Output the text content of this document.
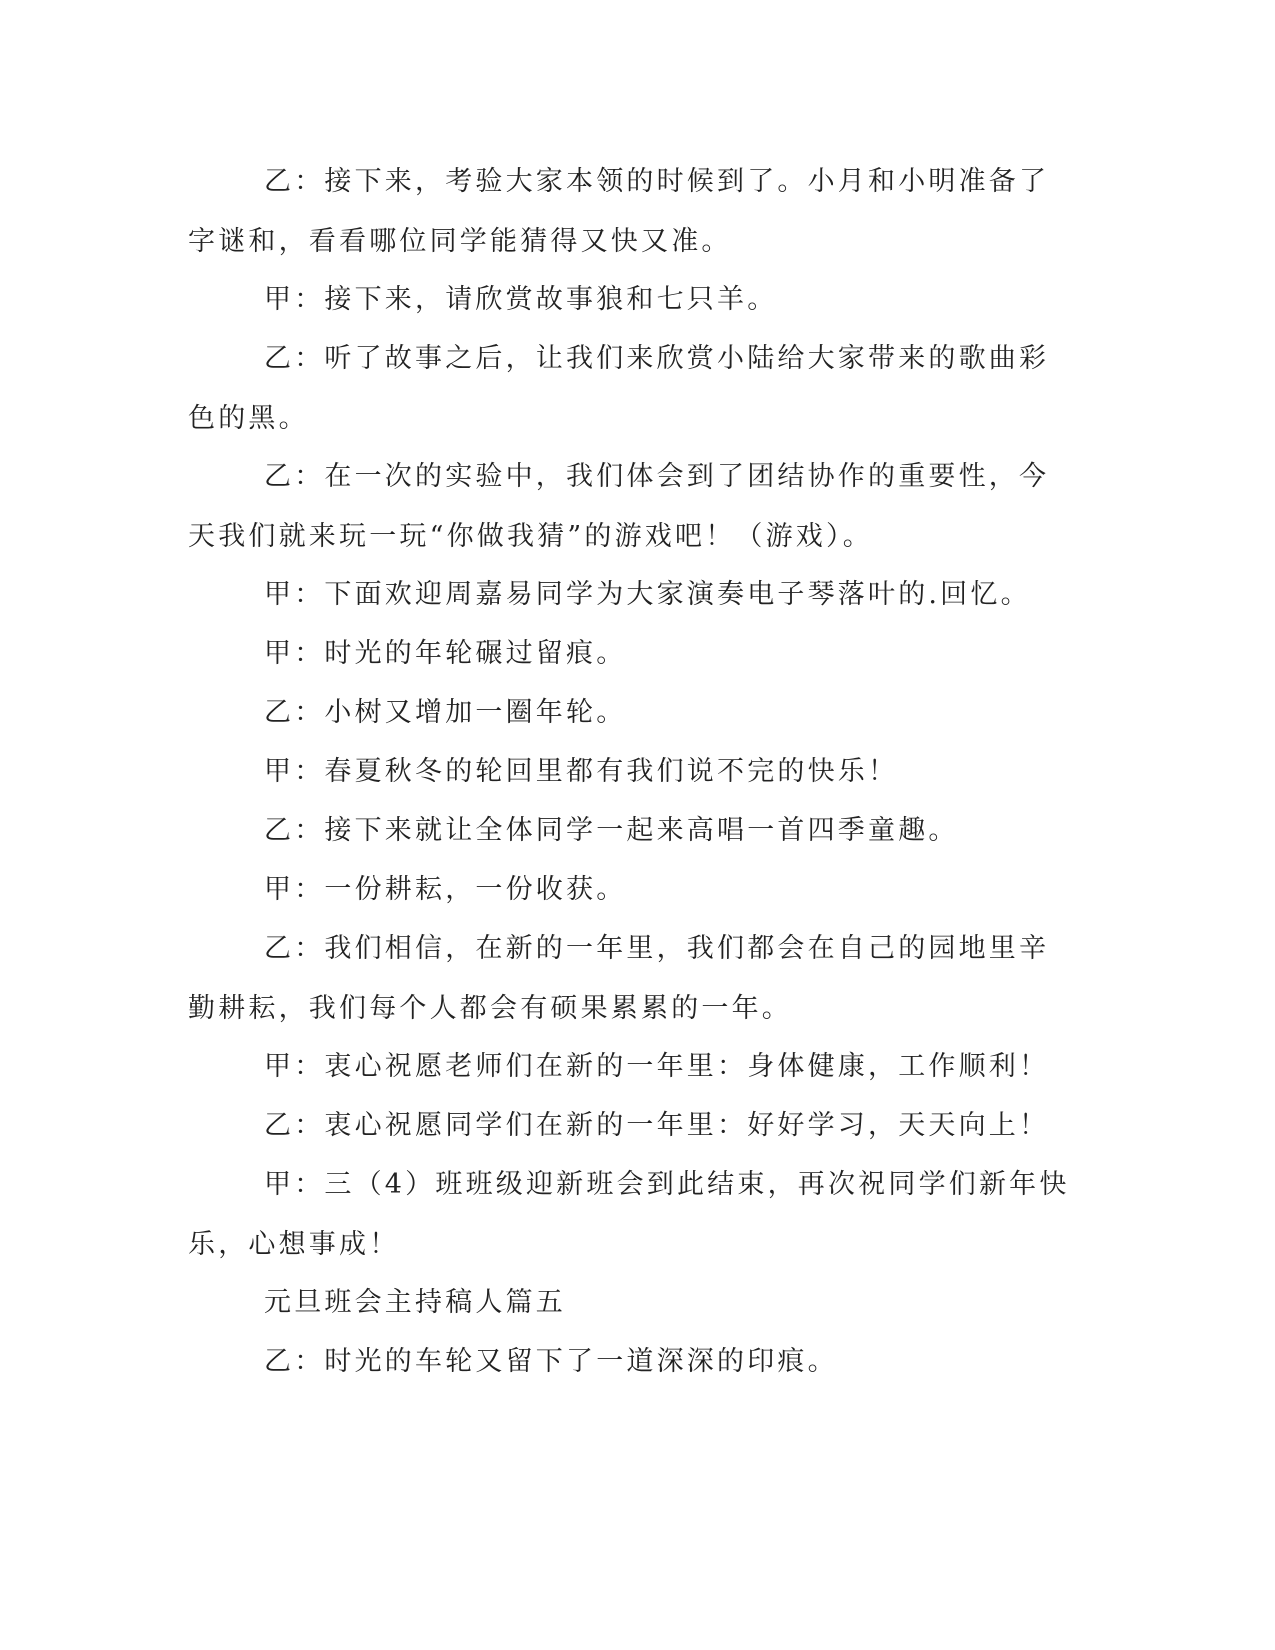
乙：接下来，考验大家本领的时候到了。小月和小明准备了字谜和，看看哪位同学能猜得又快又准。

甲：接下来，请欣赏故事狼和七只羊。

乙：听了故事之后，让我们来欣赏小陆给大家带来的歌曲彩色的黑。

乙：在一次的实验中，我们体会到了团结协作的重要性，今天我们就来玩一玩“你做我猜”的游戏吧！（游戏）。

甲：下面欢迎周嘉易同学为大家演奏电子琴落叶的.回忆。

甲：时光的年轮碾过留痕。

乙：小树又增加一圈年轮。

甲：春夏秋冬的轮回里都有我们说不完的快乐！

乙：接下来就让全体同学一起来高唱一首四季童趣。

甲：一份耕耘，一份收获。

乙：我们相信，在新的一年里，我们都会在自己的园地里辛勤耕耘，我们每个人都会有硕果累累的一年。

甲：衷心祝愿老师们在新的一年里：身体健康，工作顺利！

乙：衷心祝愿同学们在新的一年里：好好学习，天天向上！

甲：三（4）班班级迎新班会到此结束，再次祝同学们新年快乐，心想事成！

元旦班会主持稿人篇五

乙：时光的车轮又留下了一道深深的印痕。
